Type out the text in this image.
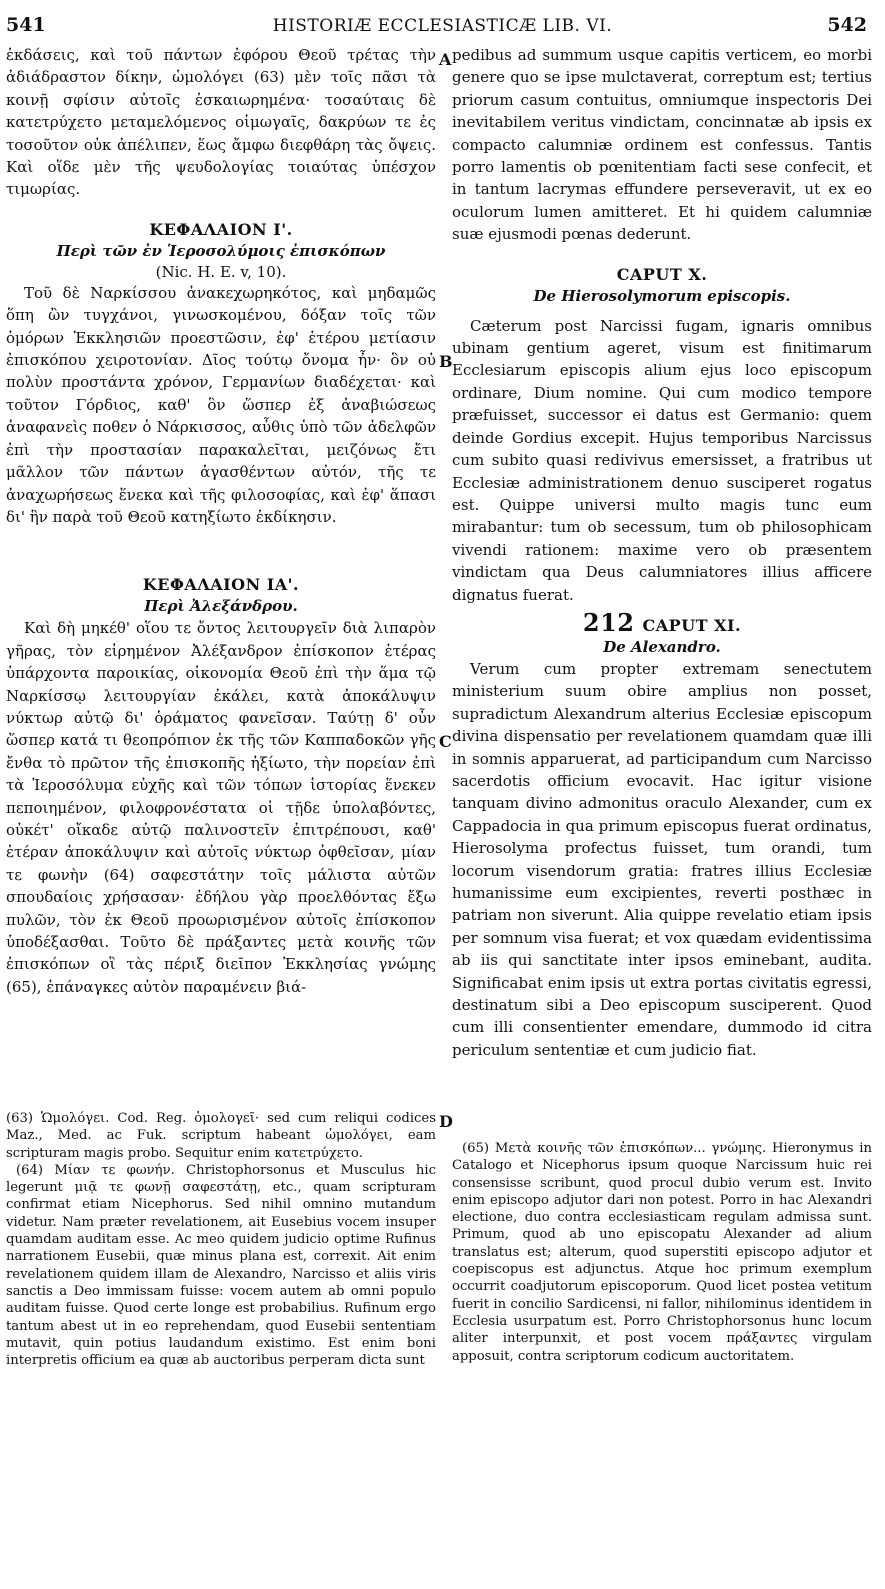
541	HISTORIÆ ECCLESIASTICÆ LIB. VI.	542
A
B
C
D

ἐκδάσεις, καὶ τοῦ πάντων ἐφόρου Θεοῦ τρέτας τὴν ἀδιάδραστον δίκην, ὡμολόγει (63) μὲν τοῖς πᾶσι τὰ κοινῇ σφίσιν αὐτοῖς ἐσκαιωρημένα· τοσαύταις δὲ κατετρύχετο μεταμελόμενος οἰμωγαῖς, δακρύων τε ἐς τοσοῦτον οὐκ ἀπέλιπεν, ἕως ἄμφω διεφθάρη τὰς ὄψεις. Καὶ οἵδε μὲν τῆς ψευδολογίας τοιαύτας ὑπέσχον τιμωρίας.

ΚΕΦΑΛΑΙΟΝ Ι'.

Περὶ τῶν ἐν Ἱεροσολύμοις ἐπισκόπων

(Nic. H. E. v, 10).

Τοῦ δὲ Ναρκίσσου ἀνακεχωρηκότος, καὶ μηδαμῶς ὅπη ὢν τυγχάνοι, γινωσκομένου, δόξαν τοῖς τῶν ὁμόρων Ἐκκλησιῶν προεστῶσιν, ἐφ' ἑτέρου μετίασιν ἐπισκόπου χειροτονίαν. Δῖος τούτῳ ὄνομα ἦν· ὃν οὐ πολὺν προστάντα χρόνον, Γερμανίων διαδέχεται· καὶ τοῦτον Γόρδιος, καθ' ὃν ὥσπερ ἐξ ἀναβιώσεως ἀναφανεὶς ποθεν ὁ Νάρκισσος, αὖθις ὑπὸ τῶν ἀδελφῶν ἐπὶ τὴν προστασίαν παρακαλεῖται, μειζόνως ἔτι μᾶλλον τῶν πάντων ἀγασθέντων αὐτόν, τῆς τε ἀναχωρήσεως ἕνεκα καὶ τῆς φιλοσοφίας, καὶ ἐφ' ἅπασι δι' ἣν παρὰ τοῦ Θεοῦ κατηξίωτο ἐκδίκησιν.

ΚΕΦΑΛΑΙΟΝ ΙΑ'.

Περὶ Ἀλεξάνδρου.

Καὶ δὴ μηκέθ' οἵου τε ὄντος λειτουργεῖν διὰ λιπαρὸν γῆρας, τὸν εἰρημένον Ἀλέξανδρον ἐπίσκοπον ἑτέρας ὑπάρχοντα παροικίας, οἰκονομία Θεοῦ ἐπὶ τὴν ἅμα τῷ Ναρκίσσῳ λειτουργίαν ἐκάλει, κατὰ ἀποκάλυψιν νύκτωρ αὐτῷ δι' ὁράματος φανεῖσαν. Ταύτῃ δ' οὖν ὥσπερ κατά τι θεοπρόπιον ἐκ τῆς τῶν Καππαδοκῶν γῆς ἔνθα τὸ πρῶτον τῆς ἐπισκοπῆς ἠξίωτο, τὴν πορείαν ἐπὶ τὰ Ἱεροσόλυμα εὐχῆς καὶ τῶν τόπων ἱστορίας ἕνεκεν πεποιημένον, φιλοφρονέστατα οἱ τῇδε ὑπολαβόντες, οὐκέτ' οἴκαδε αὐτῷ παλινοστεῖν ἐπιτρέπουσι, καθ' ἑτέραν ἀποκάλυψιν καὶ αὐτοῖς νύκτωρ ὀφθεῖσαν, μίαν τε φωνὴν (64) σαφεστάτην τοῖς μάλιστα αὐτῶν σπουδαίοις χρήσασαν· ἐδήλου γὰρ προελθόντας ἔξω πυλῶν, τὸν ἐκ Θεοῦ προωρισμένον αὐτοῖς ἐπίσκοπον ὑποδέξασθαι. Τοῦτο δὲ πράξαντες μετὰ κοινῆς τῶν ἐπισκόπων οἳ τὰς πέριξ διεῖπον Ἐκκλησίας γνώμης (65), ἐπάναγκες αὐτὸν παραμένειν βιά-

pedibus ad summum usque capitis verticem, eo morbi genere quo se ipse mulctaverat, correptum est; tertius priorum casum contuitus, omniumque inspectoris Dei inevitabilem veritus vindictam, concinnatæ ab ipsis ex compacto calumniæ ordinem est confessus. Tantis porro lamentis ob pœnitentiam facti sese confecit, et in tantum lacrymas effundere perseveravit, ut ex eo oculorum lumen amitteret. Et hi quidem calumniæ suæ ejusmodi pœnas dederunt.

CAPUT X.

De Hierosolymorum episcopis.

Cæterum post Narcissi fugam, ignaris omnibus ubinam gentium ageret, visum est finitimarum Ecclesiarum episcopis alium ejus loco episcopum ordinare, Dium nomine. Qui cum modico tempore præfuisset, successor ei datus est Germanio: quem deinde Gordius excepit. Hujus temporibus Narcissus cum subito quasi redivivus emersisset, a fratribus ut Ecclesiæ administrationem denuo susciperet rogatus est. Quippe universi multo magis tunc eum mirabantur: tum ob secessum, tum ob philosophicam vivendi rationem: maxime vero ob præsentem vindictam qua Deus calumniatores illius afficere dignatus fuerat.

212 CAPUT XI.

De Alexandro.

Verum cum propter extremam senectutem ministerium suum obire amplius non posset, supradictum Alexandrum alterius Ecclesiæ episcopum divina dispensatio per revelationem quamdam quæ illi in somnis apparuerat, ad participandum cum Narcisso sacerdotis officium evocavit. Hac igitur visione tanquam divino admonitus oraculo Alexander, cum ex Cappadocia in qua primum episcopus fuerat ordinatus, Hierosolyma profectus fuisset, tum orandi, tum locorum visendorum gratia: fratres illius Ecclesiæ humanissime eum excipientes, reverti posthæc in patriam non siverunt. Alia quippe revelatio etiam ipsis per somnum visa fuerat; et vox quædam evidentissima ab iis qui sanctitate inter ipsos eminebant, audita. Significabat enim ipsis ut extra portas civitatis egressi, destinatum sibi a Deo episcopum susciperent. Quod cum illi consentienter emendare, dummodo id citra periculum sententiæ et cum judicio fiat.

(63) Ὡμολόγει. Cod. Reg. ὁμολογεῖ· sed cum reliqui codices Maz., Med. ac Fuk. scriptum habeant ὡμολόγει, eam scripturam magis probo. Sequitur enim κατετρύχετο.

(64) Μίαν τε φωνήν. Christophorsonus et Musculus hic legerunt μιᾷ τε φωνῇ σαφεστάτῃ, etc., quam scripturam confirmat etiam Nicephorus. Sed nihil omnino mutandum videtur. Nam præter revelationem, ait Eusebius vocem insuper quamdam auditam esse. Ac meo quidem judicio optime Rufinus narrationem Eusebii, quæ minus plana est, correxit. Ait enim revelationem quidem illam de Alexandro, Narcisso et aliis viris sanctis a Deo immissam fuisse: vocem autem ab omni populo auditam fuisse. Quod certe longe est probabilius. Rufinum ergo tantum abest ut in eo reprehendam, quod Eusebii sententiam mutavit, quin potius laudandum existimo. Est enim boni interpretis officium ea quæ ab auctoribus perperam dicta sunt

(65) Μετὰ κοινῆς τῶν ἐπισκόπων... γνώμης. Hieronymus in Catalogo et Nicephorus ipsum quoque Narcissum huic rei consensisse scribunt, quod procul dubio verum est. Invito enim episcopo adjutor dari non potest. Porro in hac Alexandri electione, duo contra ecclesiasticam regulam admissa sunt. Primum, quod ab uno episcopatu Alexander ad alium translatus est; alterum, quod superstiti episcopo adjutor et coepiscopus est adjunctus. Atque hoc primum exemplum occurrit coadjutorum episcoporum. Quod licet postea vetitum fuerit in concilio Sardicensi, ni fallor, nihilominus identidem in Ecclesia usurpatum est. Porro Christophorsonus hunc locum aliter interpunxit, et post vocem πράξαντες virgulam apposuit, contra scriptorum codicum auctoritatem.
